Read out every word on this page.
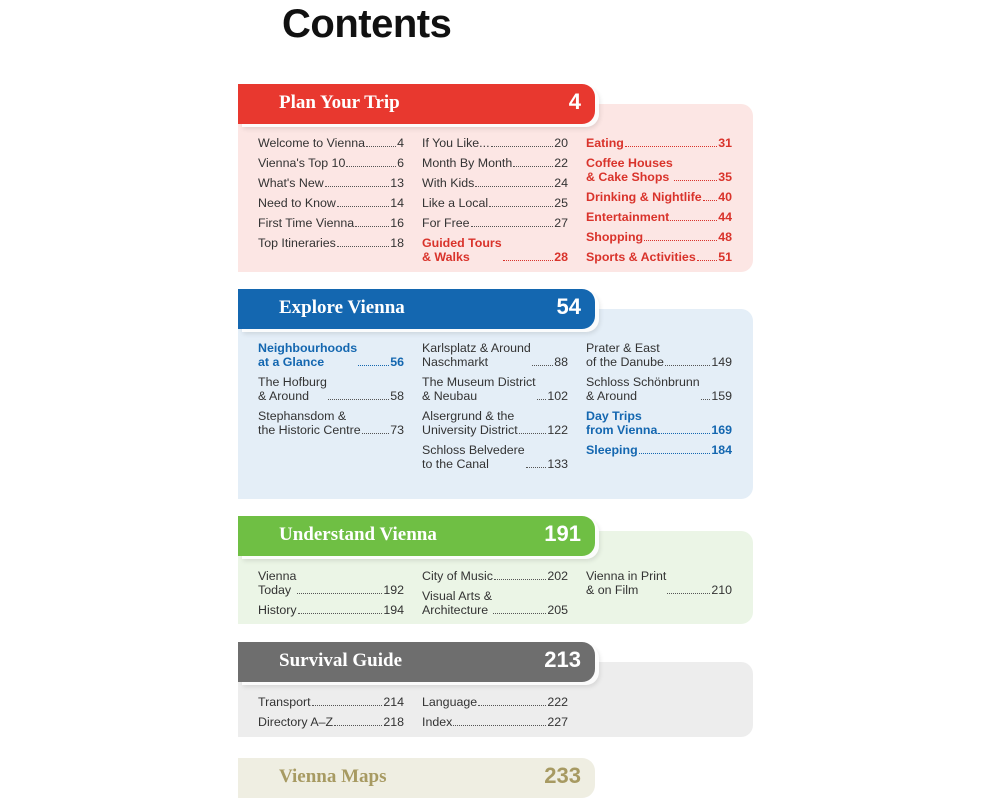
Contents
Plan Your Trip	4
Welcome to Vienna	4
Vienna's Top 10	6
What's New	13
Need to Know	14
First Time Vienna	16
Top Itineraries	18
If You Like...	20
Month By Month	22
With Kids	24
Like a Local	25
For Free	27
Guided Tours
& Walks	28
Eating	31
Coffee Houses
& Cake Shops	35
Drinking & Nightlife 40
Entertainment	44
Shopping	48
Sports & Activities 51
Explore Vienna	54
Neighbourhoods
at a Glance	56
The Hofburg
& Around	58
Stephansdom &
the Historic Centre 73
Karlsplatz & Around
Naschmarkt	88
The Museum District
& Neubau	102
Alsergrund & the
University District 122
Schloss Belvedere
to the Canal	133
Prater & East
of the Danube	149
Schloss Schönbrunn
& Around	159
Day Trips
from Vienna	169
Sleeping	184
Understand Vienna	191
Vienna
Today	192
History	194
City of Music	202
Visual Arts &
Architecture	205
Vienna in Print
& on Film	210
Survival Guide	213
Transport	214
Directory A–Z	218
Language	222
Index	227
Vienna Maps	233
